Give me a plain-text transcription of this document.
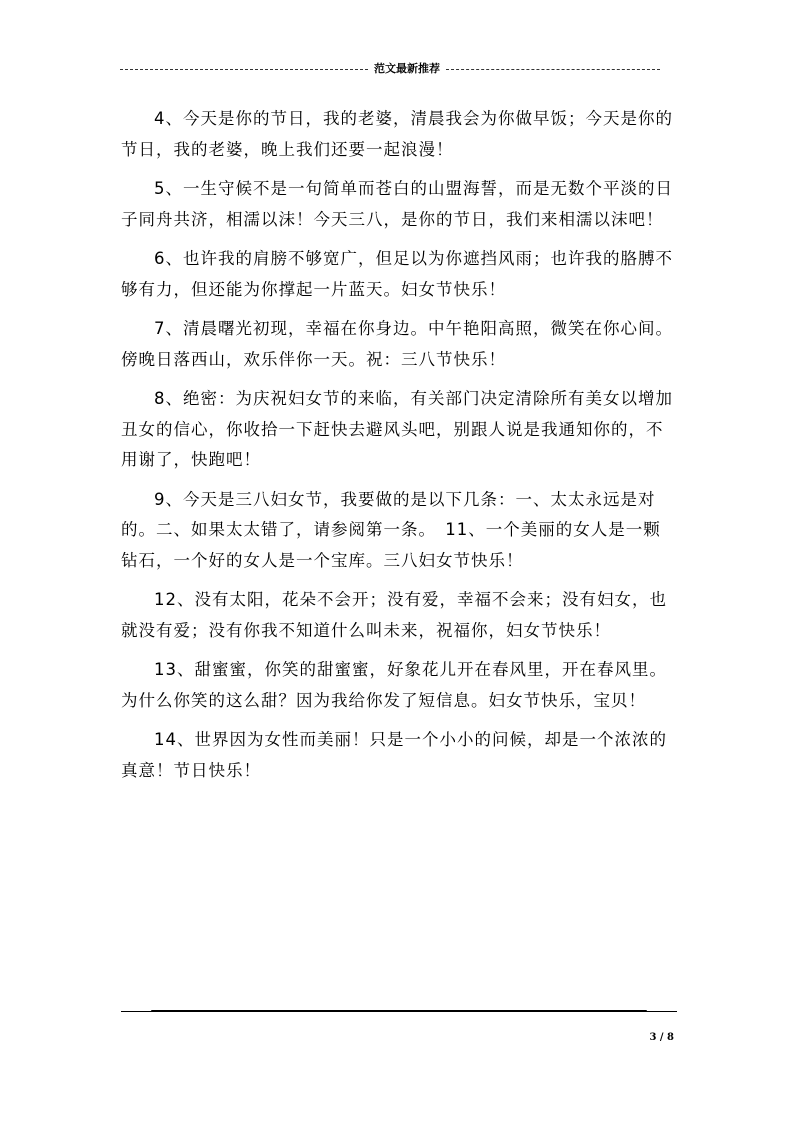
范文最新推荐

4、今天是你的节日，我的老婆，清晨我会为你做早饭；今天是你的节日，我的老婆，晚上我们还要一起浪漫！

5、一生守候不是一句简单而苍白的山盟海誓，而是无数个平淡的日子同舟共济，相濡以沫！今天三八，是你的节日，我们来相濡以沫吧！

6、也许我的肩膀不够宽广，但足以为你遮挡风雨；也许我的胳膊不够有力，但还能为你撑起一片蓝天。妇女节快乐！

7、清晨曙光初现，幸福在你身边。中午艳阳高照，微笑在你心间。傍晚日落西山，欢乐伴你一天。祝：三八节快乐！

8、绝密：为庆祝妇女节的来临，有关部门决定清除所有美女以增加丑女的信心，你收拾一下赶快去避风头吧，别跟人说是我通知你的，不用谢了，快跑吧！

9、今天是三八妇女节，我要做的是以下几条：一、太太永远是对的。二、如果太太错了，请参阅第一条。　11、一个美丽的女人是一颗钻石，一个好的女人是一个宝库。三八妇女节快乐！

12、没有太阳，花朵不会开；没有爱，幸福不会来；没有妇女，也就没有爱；没有你我不知道什么叫未来，祝福你，妇女节快乐！

13、甜蜜蜜，你笑的甜蜜蜜，好象花儿开在春风里，开在春风里。为什么你笑的这么甜？因为我给你发了短信息。妇女节快乐，宝贝！

14、世界因为女性而美丽！只是一个小小的问候，却是一个浓浓的真意！节日快乐！

3 / 8
